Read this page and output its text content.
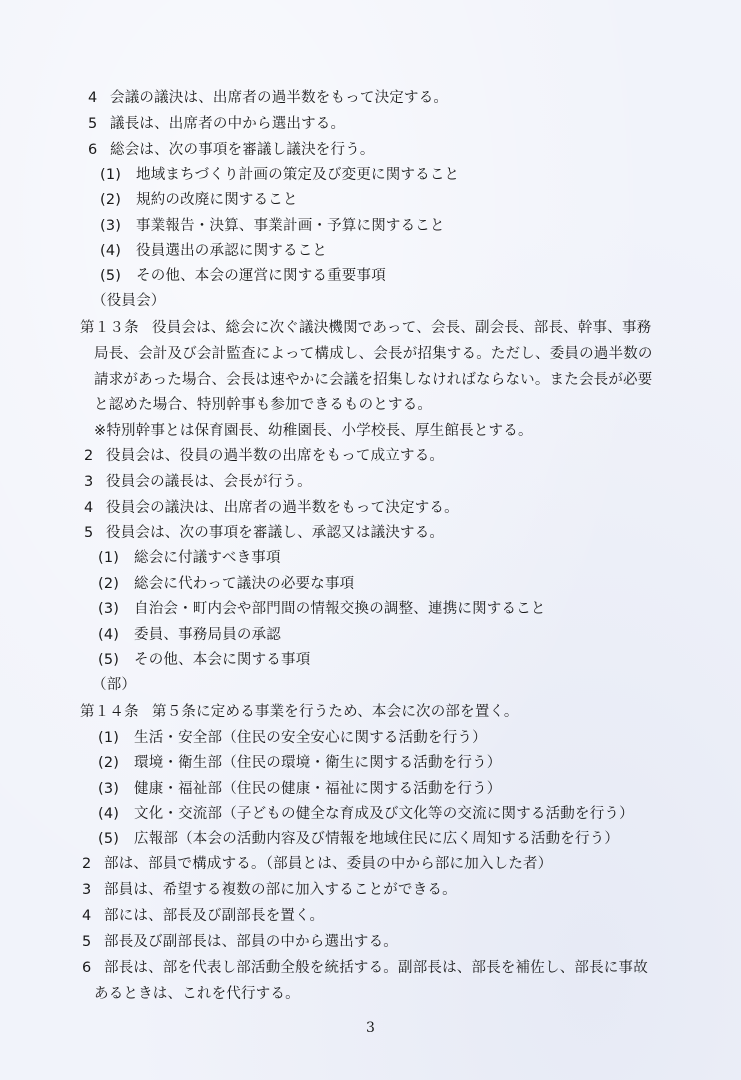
4 会議の議決は、出席者の過半数をもって決定する。
5 議長は、出席者の中から選出する。
6 総会は、次の事項を審議し議決を行う。
(1) 地域まちづくり計画の策定及び変更に関すること
(2) 規約の改廃に関すること
(3) 事業報告・決算、事業計画・予算に関すること
(4) 役員選出の承認に関すること
(5) その他、本会の運営に関する重要事項
（役員会）
第１３条 役員会は、総会に次ぐ議決機関であって、会長、副会長、部長、幹事、事務
局長、会計及び会計監査によって構成し、会長が招集する。ただし、委員の過半数の
請求があった場合、会長は速やかに会議を招集しなければならない。また会長が必要
と認めた場合、特別幹事も参加できるものとする。
※特別幹事とは保育園長、幼稚園長、小学校長、厚生館長とする。
2 役員会は、役員の過半数の出席をもって成立する。
3 役員会の議長は、会長が行う。
4 役員会の議決は、出席者の過半数をもって決定する。
5 役員会は、次の事項を審議し、承認又は議決する。
(1) 総会に付議すべき事項
(2) 総会に代わって議決の必要な事項
(3) 自治会・町内会や部門間の情報交換の調整、連携に関すること
(4) 委員、事務局員の承認
(5) その他、本会に関する事項
（部）
第１４条 第５条に定める事業を行うため、本会に次の部を置く。
(1) 生活・安全部（住民の安全安心に関する活動を行う）
(2) 環境・衛生部（住民の環境・衛生に関する活動を行う）
(3) 健康・福祉部（住民の健康・福祉に関する活動を行う）
(4) 文化・交流部（子どもの健全な育成及び文化等の交流に関する活動を行う）
(5) 広報部（本会の活動内容及び情報を地域住民に広く周知する活動を行う）
2 部は、部員で構成する。（部員とは、委員の中から部に加入した者）
3 部員は、希望する複数の部に加入することができる。
4 部には、部長及び副部長を置く。
5 部長及び副部長は、部員の中から選出する。
6 部長は、部を代表し部活動全般を統括する。副部長は、部長を補佐し、部長に事故
あるときは、これを代行する。
3
